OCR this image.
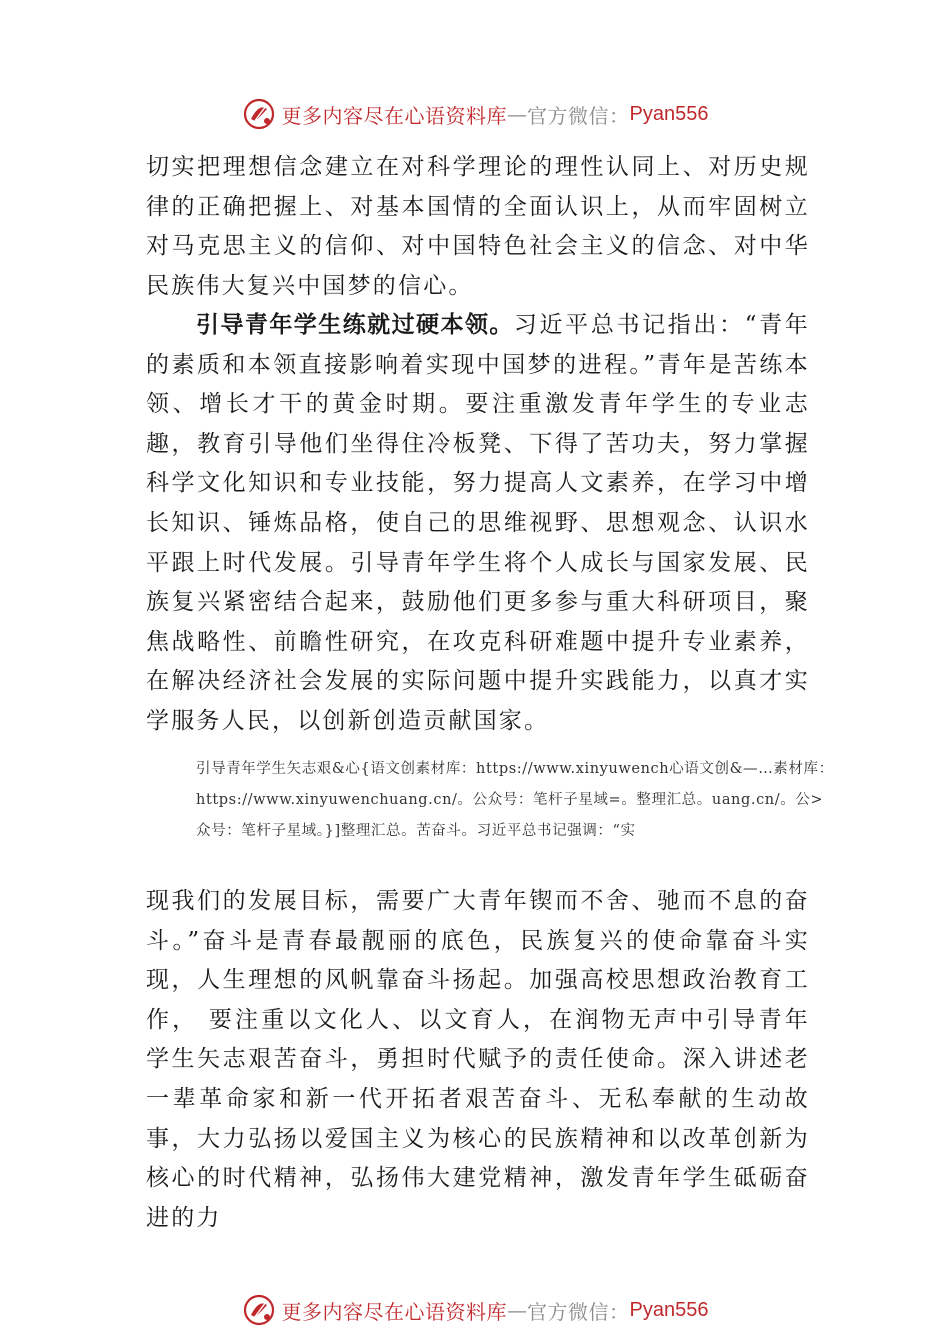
更多内容尽在心语资料库 — 官方微信： Pyan556

切实把理想信念建立在对科学理论的理性认同上、对历史规律的正确把握上、对基本国情的全面认识上，从而牢固树立对马克思主义的信仰、对中国特色社会主义的信念、对中华民族伟大复兴中国梦的信心。

引导青年学生练就过硬本领。习近平总书记指出：“青年的素质和本领直接影响着实现中国梦的进程。”青年是苦练本领、增长才干的黄金时期。要注重激发青年学生的专业志趣，教育引导他们坐得住冷板凳、下得了苦功夫，努力掌握科学文化知识和专业技能，努力提高人文素养，在学习中增长知识、锤炼品格，使自己的思维视野、思想观念、认识水平跟上时代发展。引导青年学生将个人成长与国家发展、民族复兴紧密结合起来，鼓励他们更多参与重大科研项目，聚焦战略性、前瞻性研究，在攻克科研难题中提升专业素养，在解决经济社会发展的实际问题中提升实践能力，以真才实学服务人民，以创新创造贡献国家。

引导青年学生矢志艰&心{语文创素材库：https://www.xinyuwench心语文创&—…素材库：https://www.xinyuwenchuang.cn/。公众号：笔杆子星域=。整理汇总。uang.cn/。公>众号：笔杆子星域。}]整理汇总。苦奋斗。习近平总书记强调：“实

现我们的发展目标，需要广大青年锲而不舍、驰而不息的奋斗。”奋斗是青春最靓丽的底色，民族复兴的使命靠奋斗实现，人生理想的风帆靠奋斗扬起。加强高校思想政治教育工作， 要注重以文化人、以文育人，在润物无声中引导青年学生矢志艰苦奋斗，勇担时代赋予的责任使命。深入讲述老一辈革命家和新一代开拓者艰苦奋斗、无私奉献的生动故事，大力弘扬以爱国主义为核心的民族精神和以改革创新为核心的时代精神，弘扬伟大建党精神，激发青年学生砥砺奋进的力

更多内容尽在心语资料库 — 官方微信： Pyan556
